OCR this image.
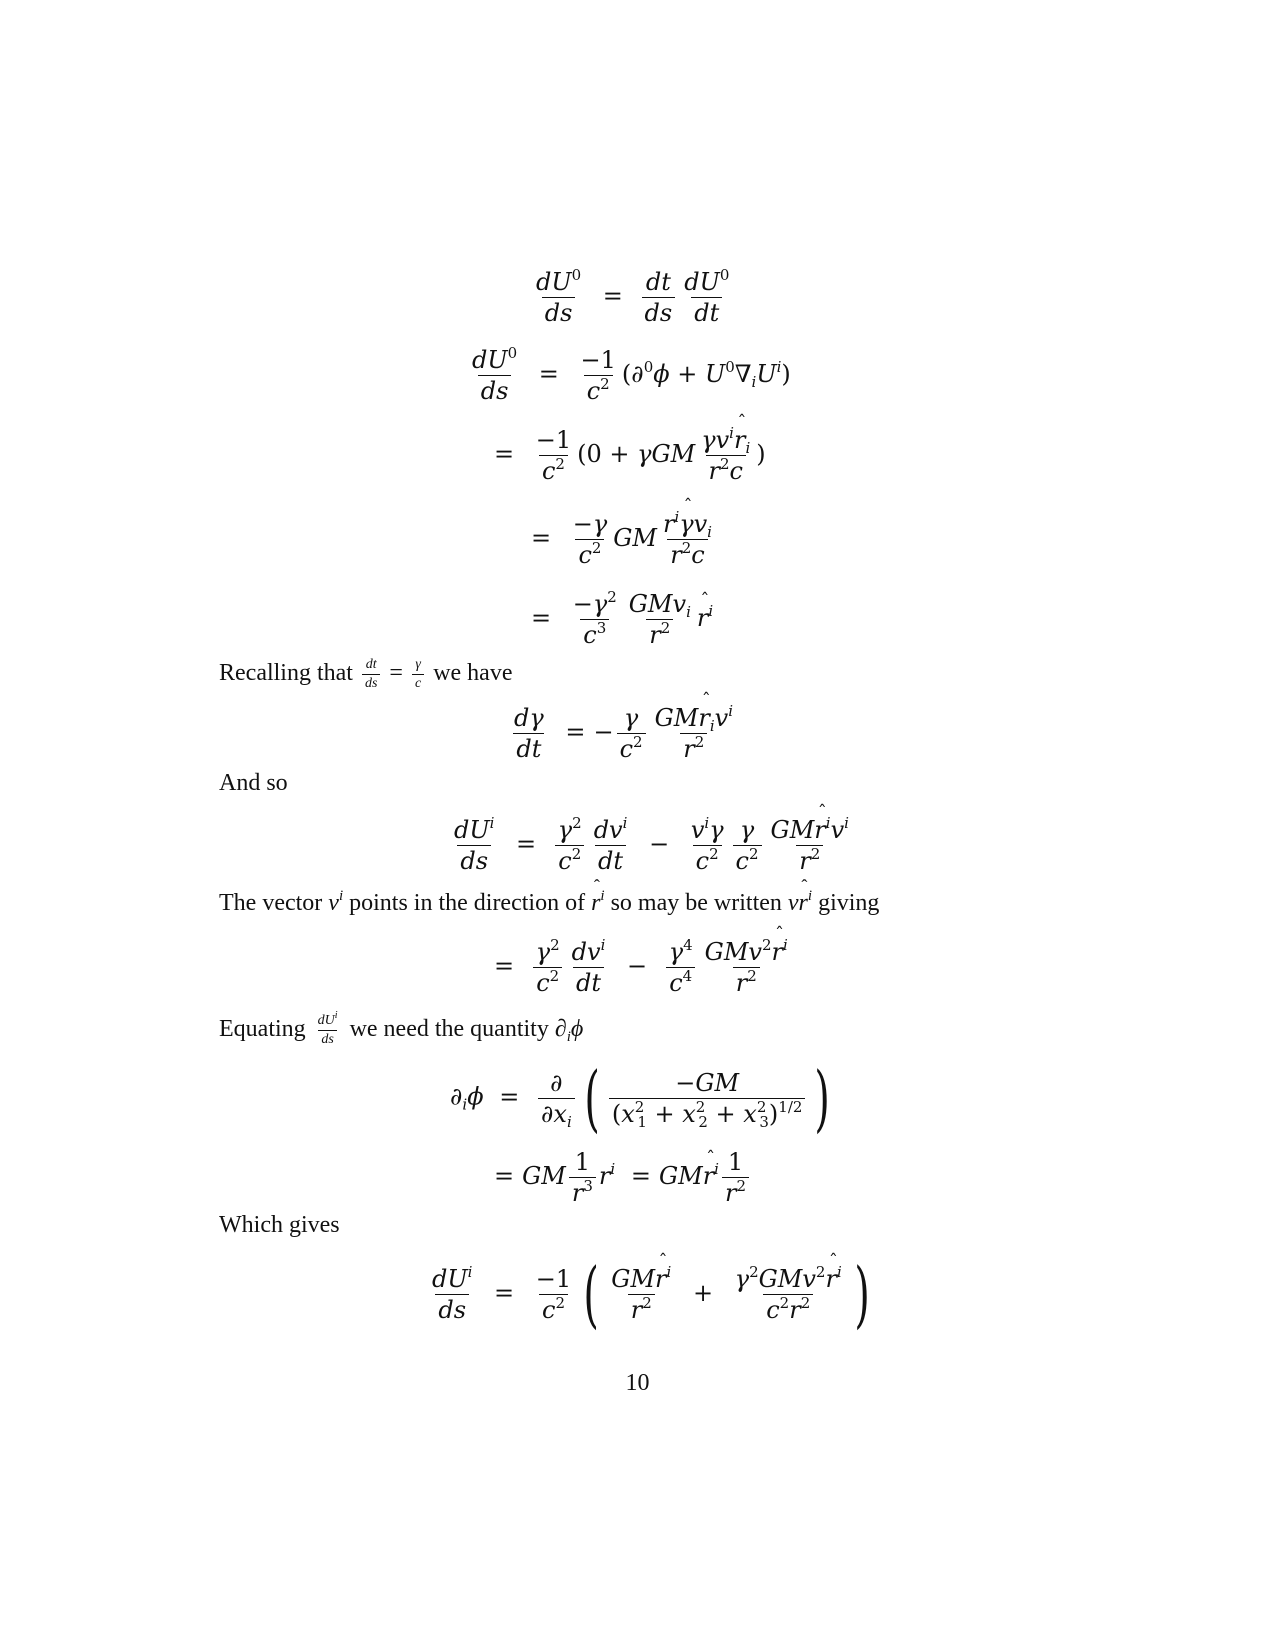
$\frac{dU^0}{ds} = \frac{dt}{ds} \frac{dU^0}{dt}$
$\frac{dU^0}{ds} = \frac{-1}{c^2} (\partial^0\phi + U^0\nabla_iU^i)$
= $\frac{-1}{c^2} (0 + \gamma GM \frac{\gamma v^ir ˆ_i}{r^2c}$ )
= $\frac{-\gamma}{c^2}$ GM $\frac{r^i\gamma ˆv_i}{r^2c}$
= $\frac{-\gamma^2}{c^3} \frac{GMv_i}{r^2}$ r ˆ$^i$
Recalling that $\frac{dt}{ds} = \frac{\gamma}{c}$ we have
$\frac{d\gamma}{dt}$ = − $\frac{\gamma}{c^2} \frac{GMr ˆ_iv^i}{r^2}$
And so
$\frac{dU^i}{ds} = \frac{\gamma^2}{c^2} \frac{dv^i}{dt} - \frac{v^i\gamma}{c^2} \frac{\gamma}{c^2} \frac{GMr ˆ^iv^i}{r^2}$
The vector $v^i$ points in the direction of r ˆ$^i$ so may be written vr ˆ$^i$ giving
= $\frac{\gamma^2}{c^2} \frac{dv^i}{dt} - \frac{\gamma^4}{c^4} \frac{GMv^2r ˆ^i}{r^2}$
Equating $\frac{dU^i}{ds}$ we need the quantity $\partial_i\phi$
$\partial_i\phi = \frac{\partial}{\partial x_i}$ ( $\frac{-GM}{(x^2_1 + x^2_2 + x^2_3)^{1/2}}$ )
= GM $\frac{1}{r^3} r^i$ = GMr ˆ$^i$ $\frac{1}{r^2}$
Which gives
$\frac{dU^i}{ds} = \frac{-1}{c^2}$ ( $\frac{GMr ˆ^i}{r^2} + \frac{\gamma^2GMv^2r ˆ^i}{c^2r^2}$ )
10
